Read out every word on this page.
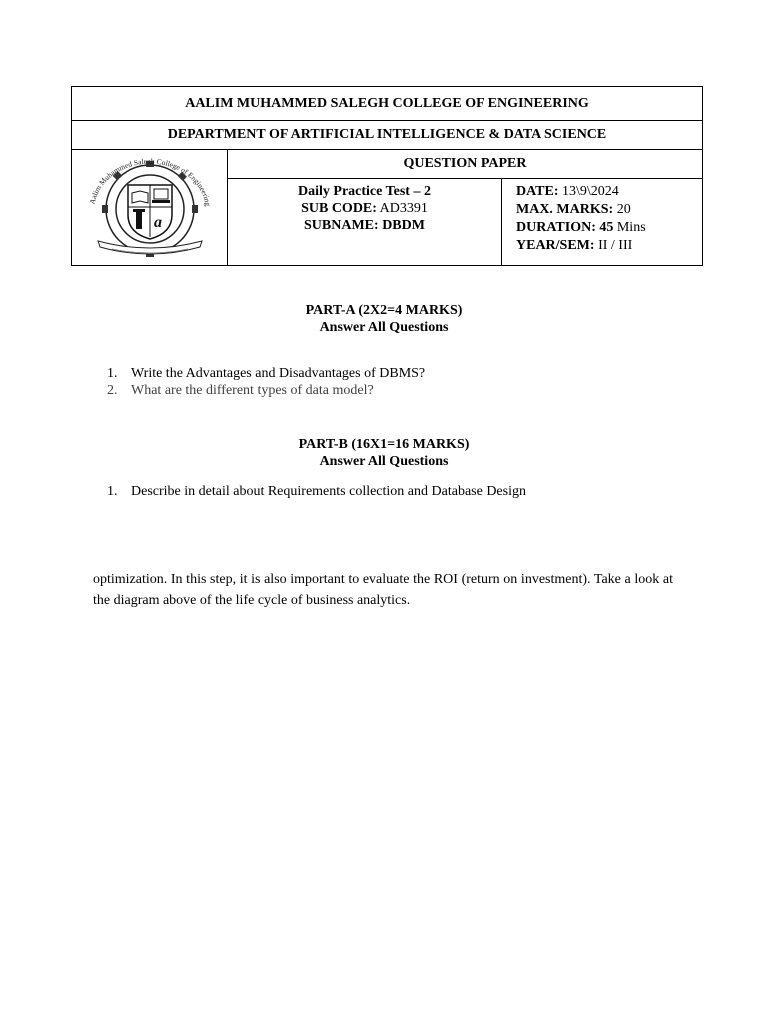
AALIM MUHAMMED SALEGH COLLEGE OF ENGINEERING
DEPARTMENT OF ARTIFICIAL INTELLIGENCE & DATA SCIENCE
Aalim Muhammed Salegh College of Engineering
a
QUESTION PAPER
Daily Practice Test – 2
SUB CODE: AD3391
SUBNAME: DBDM
DATE: 13\9\2024
MAX. MARKS: 20
DURATION: 45 Mins
YEAR/SEM: II / III
PART-A (2X2=4 MARKS)
Answer All Questions
1. Write the Advantages and Disadvantages of DBMS?
2. What are the different types of data model?
PART-B (16X1=16 MARKS)
Answer All Questions
1. Describe in detail about Requirements collection and Database Design
optimization. In this step, it is also important to evaluate the ROI (return on investment). Take a look at the diagram above of the life cycle of business analytics.
